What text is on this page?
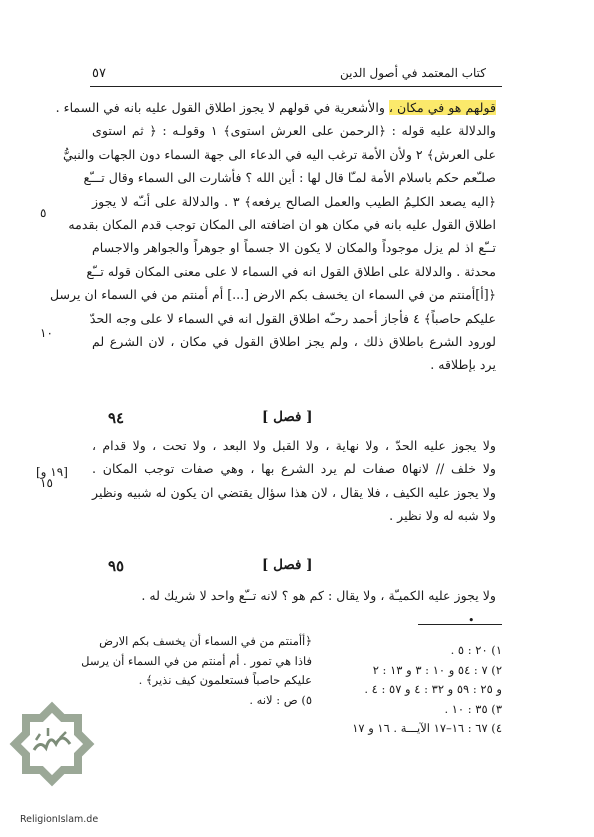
٥٧	كتاب المعتمد في أصول الدين
قولهم هو في مكان ، والأشعرية في قولهم لا يجوز اطلاق القول عليه بانه في السماء .
والدلالة عليه قوله : ﴿الرحمن على العرش استوى﴾ ١ وقولـه : ﴿ ثم استوى
على العرش﴾ ٢ ولأن الأمة ترغب اليه في الدعاء الى جهة السماء دون الجهات والنبيُّ
صلـّعم حكم باسلام الأمة لمـّا قال لها : أين الله ؟ فأشارت الى السماء وقال تـــّع
﴿اليه يصعد الكلـِمُ الطيب والعمل الصالح يرفعه﴾ ٣ . والدلالة على أنـّه لا يجوز
اطلاق القول عليه بانه في مكان هو ان اضافته الى المكان توجب قدم المكان بقدمه
تــّع اذ لم يزل موجوداً والمكان لا يكون الا جسماً او جوهراً والجواهر والاجسام
محدثة . والدلالة على اطلاق القول انه في السماء لا على معنى المكان قوله تــّع
﴿[أ]أمنتم من في السماء ان يخسف بكم الارض [...] أم أمنتم من في السماء ان يرسل
عليكم حاصباً﴾ ٤ فأجاز أحمد رحـّه اطلاق القول انه في السماء لا على وجه الحدّ
لورود الشرع باطلاق ذلك ، ولم يجز اطلاق القول في مكان ، لان الشرع لم
يرد بإطلاقه .
٥
١٠
١٥
[١٩ و]
٩٤	[ فصل ]
ولا يجوز عليه الحدّ ، ولا نهاية ، ولا القبل ولا البعد ، ولا تحت ، ولا قدام ،
ولا خلف // لانها٥ صفات لم يرد الشرع بها ، وهي صفات توجب المكان .
ولا يجوز عليه الكيف ، فلا يقال ، لان هذا سؤال يقتضي ان يكون له شبيه ونظير
ولا شبه له ولا نظير .
٩٥	[ فصل ]
ولا يجوز عليه الكميـّة ، ولا يقال : كم هو ؟ لانه تــّع واحد لا شريك له .
•
١) ٢٠ : ٥ .
٢) ٧ : ٥٤ و ١٠ : ٣ و ١٣ : ٢
و ٢٥ : ٥٩ و ٣٢ : ٤ و ٥٧ : ٤ .
٣) ٣٥ : ١٠ .
٤) ٦٧ : ١٦–١٧ الآيـــة . ١٦ و ١٧
﴿أأمنتم من في السماء أن يخسف بكم الارض
فاذا هي تمور . أم أمنتم من في السماء أن يرسل
عليكم حاصباً فستعلمون كيف نذير﴾ .
٥) ص : لانه .
ReligionIslam.de
